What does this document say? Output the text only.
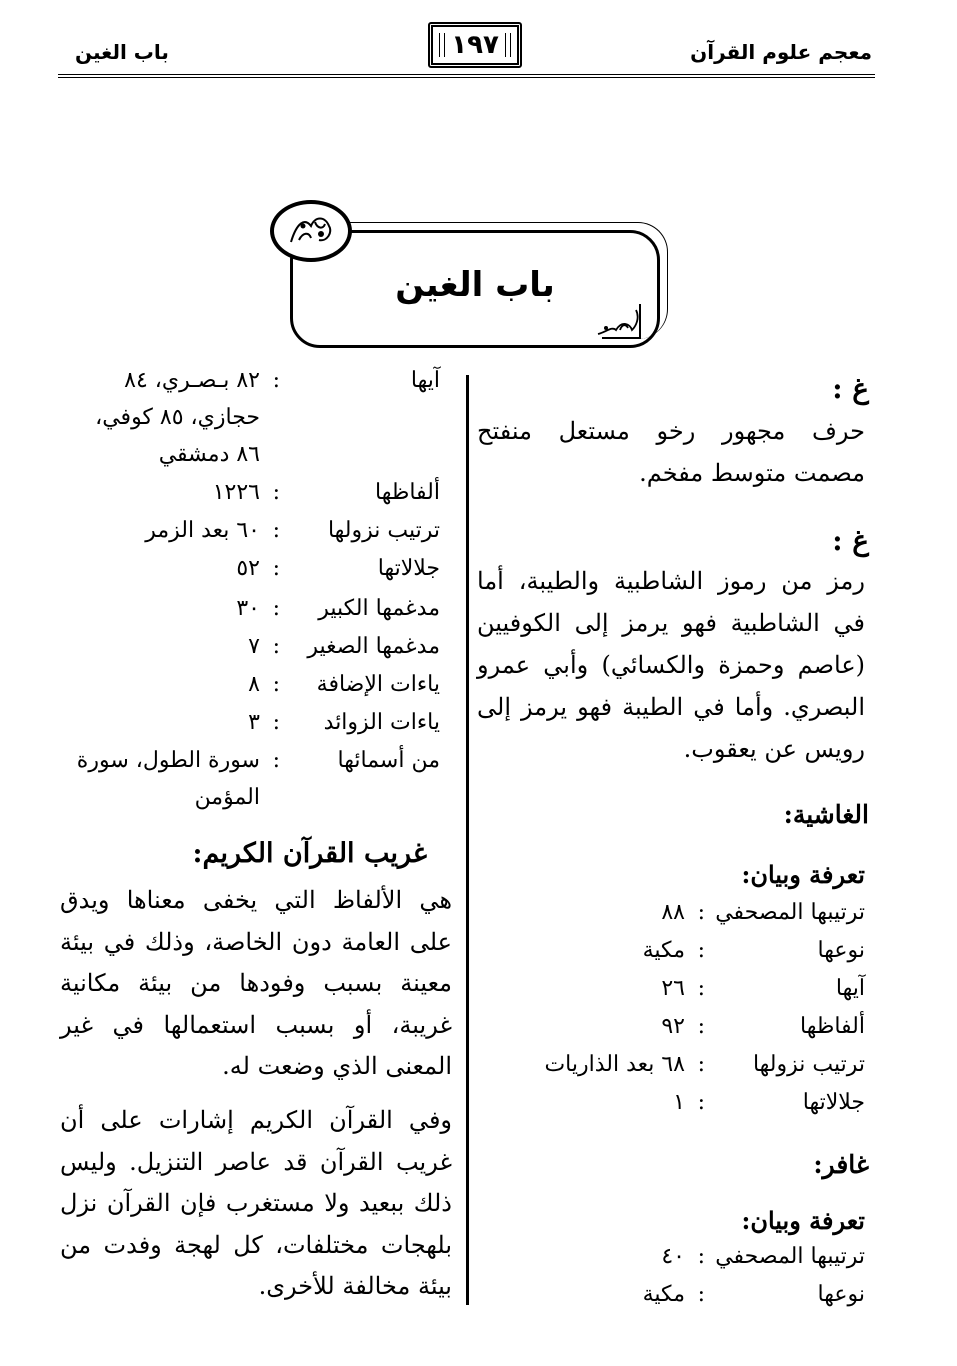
معجم علوم القرآن
١٩٧
باب الغين
باب الغين
غ :
حرف مجهور رخو مستعل منفتح مصمت متوسط مفخم.
غ :
رمز من رموز الشاطبية والطيبة، أما في الشاطبية فهو يرمز إلى الكوفيين (عاصم وحمزة والكسائي) وأبي عمرو البصري. وأما في الطيبة فهو يرمز إلى رويس عن يعقوب.
الغاشية:
تعرفة وبيان:
ترتيبها المصحفي
:
٨٨
نوعها
:
مكية
آيها
:
٢٦
ألفاظها
:
٩٢
ترتيب نزولها
:
٦٨ بعد الذاريات
جلالاتها
:
١
غافر:
تعرفة وبيان:
ترتيبها المصحفي
:
٤٠
نوعها
:
مكية
آيها
:
٨٢ بـصـري، ٨٤
حجازي، ٨٥ كوفي،
٨٦ دمشقي
ألفاظها
:
١٢٢٦
ترتيب نزولها
:
٦٠ بعد الزمر
جلالاتها
:
٥٢
مدغمها الكبير
:
٣٠
مدغمها الصغير
:
٧
ياءات الإضافة
:
٨
ياءات الزوائد
:
٣
من أسمائها
:
سورة الطول، سورة
المؤمن
غريب القرآن الكريم:
هي الألفاظ التي يخفى معناها ويدق على العامة دون الخاصة، وذلك في بيئة معينة بسبب وفودها من بيئة مكانية غريبة، أو بسبب استعمالها في غير المعنى الذي وضعت له.
وفي القرآن الكريم إشارات على أن غريب القرآن قد عاصر التنزيل. وليس ذلك ببعيد ولا مستغرب فإن القرآن نزل بلهجات مختلفات، كل لهجة وفدت من بيئة مخالفة للأخرى.
